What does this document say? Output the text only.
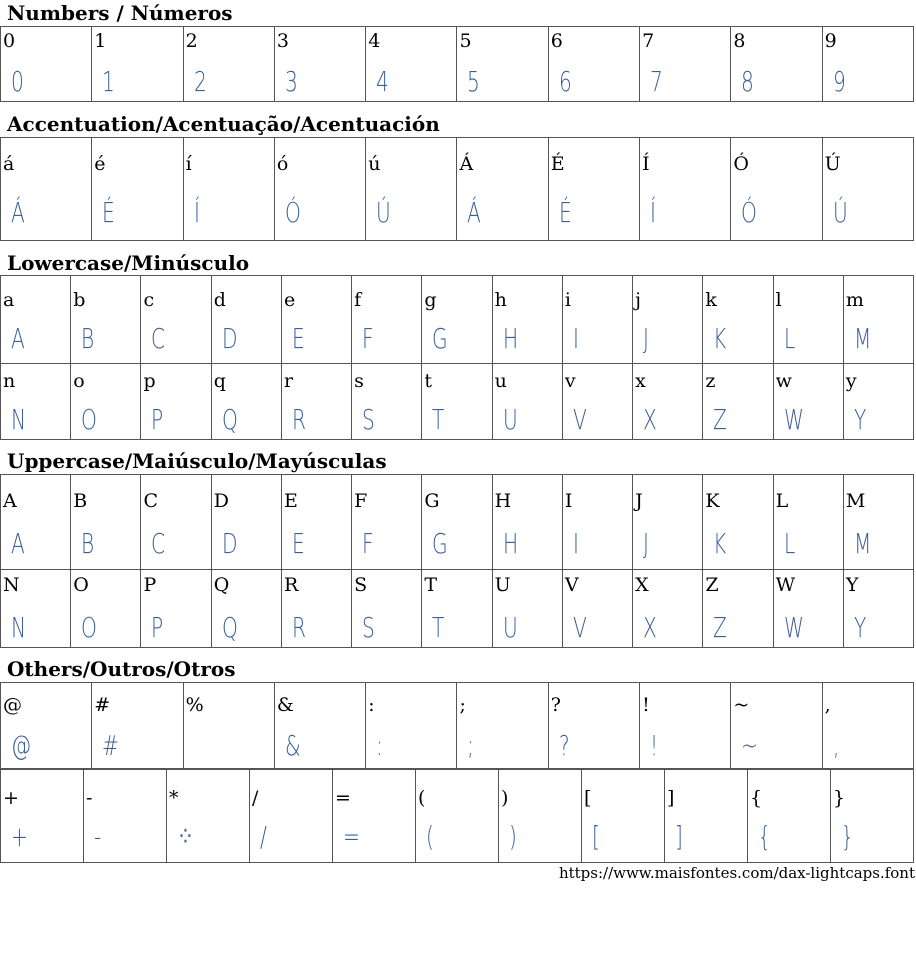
Numbers / Números
Accentuation/Acentuação/Acentuación
Lowercase/Minúsculo
Uppercase/Maiúsculo/Mayúsculas
Others/Outros/Otros
0
0
1
1
2
2
3
3
4
4
5
5
6
6
7
7
8
8
9
9
á
Á
é
É
í
Í
ó
Ó
ú
Ú
Á
Á
É
É
Í
Í
Ó
Ó
Ú
Ú
a
A
b
B
c
C
d
D
e
E
f
F
g
G
h
H
i
I
j
J
k
K
l
L
m
M
n
N
o
O
p
P
q
Q
r
R
s
S
t
T
u
U
v
V
x
X
z
Z
w
W
y
Y
A
A
B
B
C
C
D
D
E
E
F
F
G
G
H
H
I
I
J
J
K
K
L
L
M
M
N
N
O
O
P
P
Q
Q
R
R
S
S
T
T
U
U
V
V
X
X
Z
Z
W
W
Y
Y
@
@
#
#
%	&
&
:
:
;
;
?
?
!
!
~
~
,
,
+
+
-
-
*
⁘
/
/
=
=
(
(
)
)
[
[
]
]
{
{
}
}
https://www.maisfontes.com/dax-lightcaps.font
